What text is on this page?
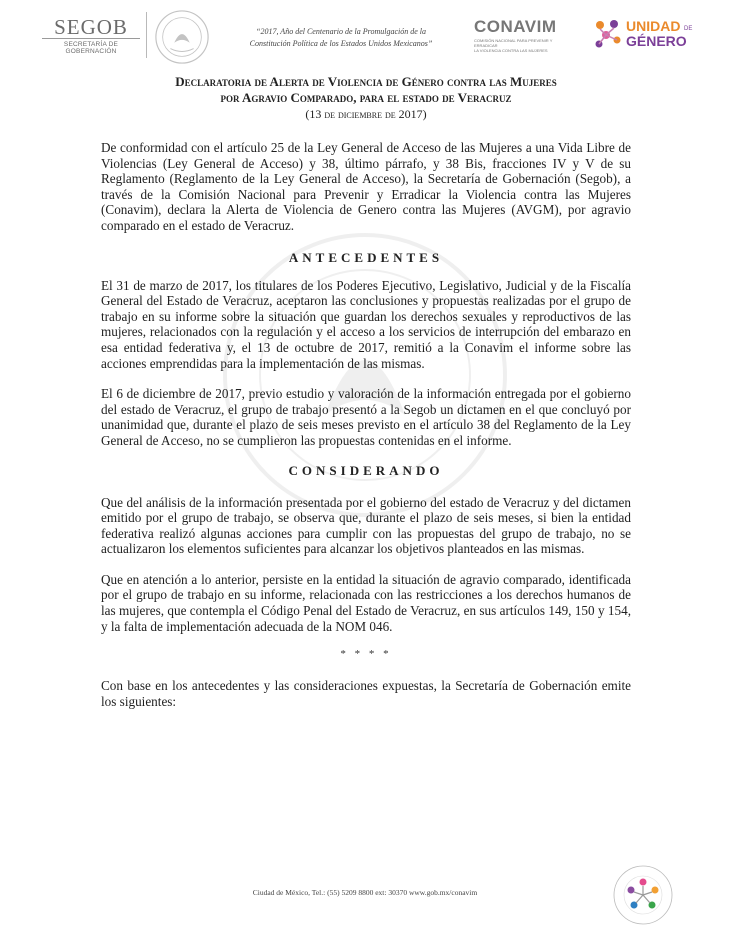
SEGOB
SECRETARÍA DE GOBERNACIÓN
“2017, Año del Centenario de la Promulgación de la
Constitución Política de los Estados Unidos Mexicanos”
CONAVIM
COMISIÓN NACIONAL PARA PREVENIR Y ERRADICAR
LA VIOLENCIA CONTRA LAS MUJERES
UNIDAD DE
GÉNERO
Declaratoria de Alerta de Violencia de Género contra las Mujeres
por Agravio Comparado, para el estado de Veracruz
(13 de diciembre de 2017)

De conformidad con el artículo 25 de la Ley General de Acceso de las Mujeres a una Vida Libre de Violencias (Ley General de Acceso) y 38, último párrafo, y 38 Bis, fracciones IV y V de su Reglamento (Reglamento de la Ley General de Acceso), la Secretaría de Gobernación (Segob), a través de la Comisión Nacional para Prevenir y Erradicar la Violencia contra las Mujeres (Conavim), declara la Alerta de Violencia de Genero contra las Mujeres (AVGM), por agravio comparado en el estado de Veracruz.

ANTECEDENTES

El 31 de marzo de 2017, los titulares de los Poderes Ejecutivo, Legislativo, Judicial y de la Fiscalía General del Estado de Veracruz, aceptaron las conclusiones y propuestas realizadas por el grupo de trabajo en su informe sobre la situación que guardan los derechos sexuales y reproductivos de las mujeres, relacionados con la regulación y el acceso a los servicios de interrupción del embarazo en esa entidad federativa y, el 13 de octubre de 2017, remitió a la Conavim el informe sobre las acciones emprendidas para la implementación de las mismas.

El 6 de diciembre de 2017, previo estudio y valoración de la información entregada por el gobierno del estado de Veracruz, el grupo de trabajo presentó a la Segob un dictamen en el que concluyó por unanimidad que, durante el plazo de seis meses previsto en el artículo 38 del Reglamento de la Ley General de Acceso, no se cumplieron las propuestas contenidas en el informe.

CONSIDERANDO

Que del análisis de la información presentada por el gobierno del estado de Veracruz y del dictamen emitido por el grupo de trabajo, se observa que, durante el plazo de seis meses, si bien la entidad federativa realizó algunas acciones para cumplir con las propuestas del grupo de trabajo, no se actualizaron los elementos suficientes para alcanzar los objetivos planteados en las mismas.

Que en atención a lo anterior, persiste en la entidad la situación de agravio comparado, identificada por el grupo de trabajo en su informe, relacionada con las restricciones a los derechos humanos de las mujeres, que contempla el Código Penal del Estado de Veracruz, en sus artículos 149, 150 y 154, y la falta de implementación adecuada de la NOM 046.

* * * *

Con base en los antecedentes y las consideraciones expuestas, la Secretaría de Gobernación emite los siguientes:

Ciudad de México, Tel.: (55) 5209 8800 ext: 30370 www.gob.mx/conavim
